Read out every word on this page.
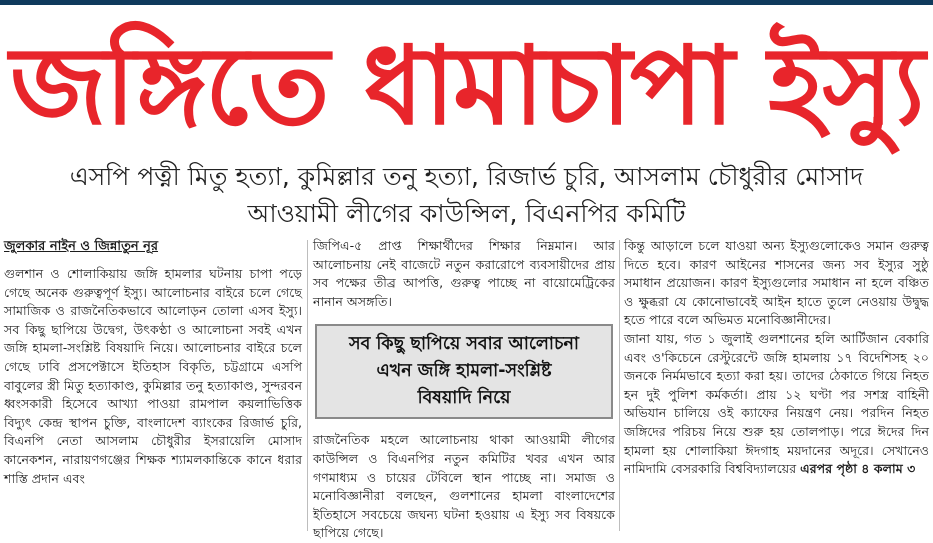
জঙ্গিতে ধামাচাপা ইস্যু
এসপি পত্নী মিতু হত্যা, কুমিল্লার তনু হত্যা, রিজার্ভ চুরি, আসলাম চৌধুরীর মোসাদ
আওয়ামী লীগের কাউন্সিল, বিএনপির কমিটি
জুলকার নাইন ও জিন্নাতুন নূর

গুলশান ও শোলাকিয়ায় জঙ্গি হামলার ঘটনায় চাপা পড়ে গেছে অনেক গুরুত্বপূর্ণ ইস্যু। আলোচনার বাইরে চলে গেছে সামাজিক ও রাজনৈতিকভাবে আলোড়ন তোলা এসব ইস্যু। সব কিছু ছাপিয়ে উদ্বেগ, উৎকণ্ঠা ও আলোচনা সবই এখন জঙ্গি হামলা-সংশ্লিষ্ট বিষয়াদি নিয়ে। আলোচনার বাইরে চলে গেছে ঢাবি প্রসপেক্টাসে ইতিহাস বিকৃতি, চট্টগ্রামে এসপি বাবুলের স্ত্রী মিতু হত্যাকাণ্ড, কুমিল্লার তনু হত্যাকাণ্ড, সুন্দরবন ধ্বংসকারী হিসেবে আখ্যা পাওয়া রামপাল কয়লাভিত্তিক বিদ্যুৎ কেন্দ্র স্থাপন চুক্তি, বাংলাদেশ ব্যাংকের রিজার্ভ চুরি, বিএনপি নেতা আসলাম চৌধুরীর ইসরায়েলি মোসাদ কানেকশন, নারায়ণগঞ্জের শিক্ষক শ্যামলকান্তিকে কানে ধরার শাস্তি প্রদান এবং

জিপিএ-৫ প্রাপ্ত শিক্ষার্থীদের শিক্ষার নিম্নমান। আর আলোচনায় নেই বাজেটে নতুন করারোপে ব্যবসায়ীদের প্রায় সব পক্ষের তীব্র আপত্তি, গুরুত্ব পাচ্ছে না বায়োমেট্রিকের নানান অসঙ্গতি।

সব কিছু ছাপিয়ে সবার আলোচনা
এখন জঙ্গি হামলা-সংশ্লিষ্ট
বিষয়াদি নিয়ে

রাজনৈতিক মহলে আলোচনায় থাকা আওয়ামী লীগের কাউন্সিল ও বিএনপির নতুন কমিটির খবর এখন আর গণমাধ্যম ও চায়ের টেবিলে স্থান পাচ্ছে না। সমাজ ও মনোবিজ্ঞানীরা বলছেন, গুলশানের হামলা বাংলাদেশের ইতিহাসে সবচেয়ে জঘন্য ঘটনা হওয়ায় এ ইস্যু সব বিষয়কে ছাপিয়ে গেছে।

কিন্তু আড়ালে চলে যাওয়া অন্য ইস্যুগুলোকেও সমান গুরুত্ব দিতে হবে। কারণ আইনের শাসনের জন্য সব ইস্যুর সুষ্ঠু সমাধান প্রয়োজন। কারণ ইস্যুগুলোর সমাধান না হলে বঞ্চিত ও ক্ষুব্ধরা যে কোনোভাবেই আইন হাতে তুলে নেওয়ায় উদ্বুদ্ধ হতে পারে বলে অভিমত মনোবিজ্ঞানীদের।

জানা যায়, গত ১ জুলাই গুলশানের হলি আর্টিজান বেকারি এবং ও'কিচেনে রেস্টুরেন্টে জঙ্গি হামলায় ১৭ বিদেশিসহ ২০ জনকে নির্মমভাবে হত্যা করা হয়। তাদের ঠেকাতে গিয়ে নিহত হন দুই পুলিশ কর্মকর্তা। প্রায় ১২ ঘণ্টা পর সশস্ত্র বাহিনী অভিযান চালিয়ে ওই ক্যাফের নিয়ন্ত্রণ নেয়। পরদিন নিহত জঙ্গিদের পরিচয় নিয়ে শুরু হয় তোলপাড়। পরে ঈদের দিন হামলা হয় শোলাকিয়া ঈদগাহ ময়দানের অদূরে। সেখানেও নামিদামি বেসরকারি বিশ্ববিদ্যালয়ের এরপর পৃষ্ঠা ৪ কলাম ৩
